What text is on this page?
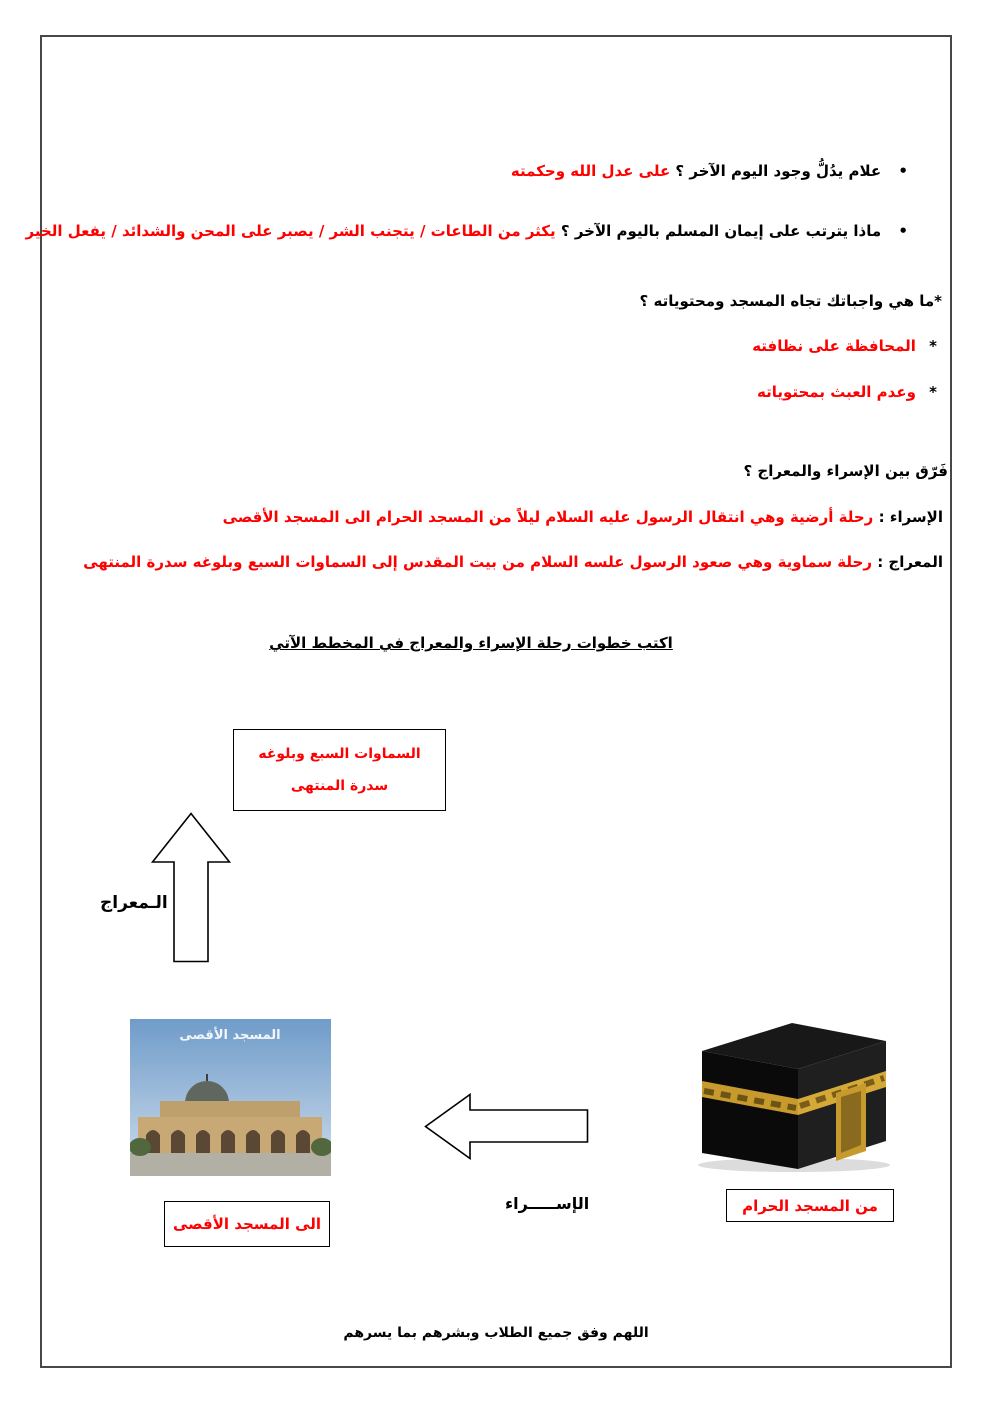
• علام يدُلُّ وجود اليوم الآخر ؟ على عدل الله وحكمته
• ماذا يترتب على إيمان المسلم باليوم الآخر ؟ يكثر من الطاعات / يتجنب الشر / يصبر على المحن والشدائد / يفعل الخير
*ما هي واجباتك تجاه المسجد ومحتوياته ؟
* المحافظة على نظافته
* وعدم العبث بمحتوياته
فَرّق بين الإسراء والمعراج ؟
الإسراء : رحلة أرضية وهي انتقال الرسول عليه السلام ليلاً من المسجد الحرام الى المسجد الأقصى
المعراج : رحلة سماوية وهي صعود الرسول علسه السلام من بيت المقدس إلى السماوات السبع وبلوغه سدرة المنتهى
اكتب خطوات رحلة الإسراء والمعراج في المخطط الآتي
السماوات السبع وبلوغه
سدرة المنتهى
الـمعراج
المسجد الأقصى
الإســـــراء	من المسجد الحرام
الى المسجد الأقصى
اللهم وفق جميع الطلاب وبشرهم بما يسرهم
